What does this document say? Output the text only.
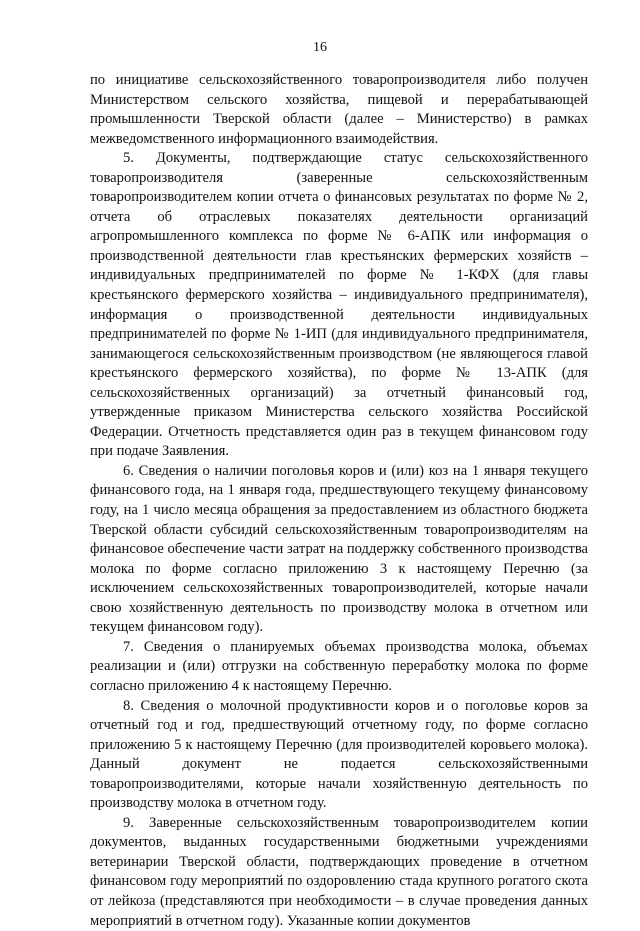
16

по инициативе сельскохозяйственного товаропроизводителя либо получен Министерством сельского хозяйства, пищевой и перерабатывающей промышленности Тверской области (далее – Министерство) в рамках межведомственного информационного взаимодействия.

5. Документы, подтверждающие статус сельскохозяйственного товаропроизводителя (заверенные сельскохозяйственным товаропроизводителем копии отчета о финансовых результатах по форме № 2, отчета об отраслевых показателях деятельности организаций агропромышленного комплекса по форме № 6-АПК или информация о производственной деятельности глав крестьянских фермерских хозяйств – индивидуальных предпринимателей по форме № 1-КФХ (для главы крестьянского фермерского хозяйства – индивидуального предпринимателя), информация о производственной деятельности индивидуальных предпринимателей по форме № 1-ИП (для индивидуального предпринимателя, занимающегося сельскохозяйственным производством (не являющегося главой крестьянского фермерского хозяйства), по форме № 13-АПК (для сельскохозяйственных организаций) за отчетный финансовый год, утвержденные приказом Министерства сельского хозяйства Российской Федерации. Отчетность представляется один раз в текущем финансовом году при подаче Заявления.

6. Сведения о наличии поголовья коров и (или) коз на 1 января текущего финансового года, на 1 января года, предшествующего текущему финансовому году, на 1 число месяца обращения за предоставлением из областного бюджета Тверской области субсидий сельскохозяйственным товаропроизводителям на финансовое обеспечение части затрат на поддержку собственного производства молока по форме согласно приложению 3 к настоящему Перечню (за исключением сельскохозяйственных товаропроизводителей, которые начали свою хозяйственную деятельность по производству молока в отчетном или текущем финансовом году).

7. Сведения о планируемых объемах производства молока, объемах реализации и (или) отгрузки на собственную переработку молока по форме согласно приложению 4 к настоящему Перечню.

8. Сведения о молочной продуктивности коров и о поголовье коров за отчетный год и год, предшествующий отчетному году, по форме согласно приложению 5 к настоящему Перечню (для производителей коровьего молока). Данный документ не подается сельскохозяйственными товаропроизводителями, которые начали хозяйственную деятельность по производству молока в отчетном году.

9. Заверенные сельскохозяйственным товаропроизводителем копии документов, выданных государственными бюджетными учреждениями ветеринарии Тверской области, подтверждающих проведение в отчетном финансовом году мероприятий по оздоровлению стада крупного рогатого скота от лейкоза (представляются при необходимости – в случае проведения данных мероприятий в отчетном году). Указанные копии документов
